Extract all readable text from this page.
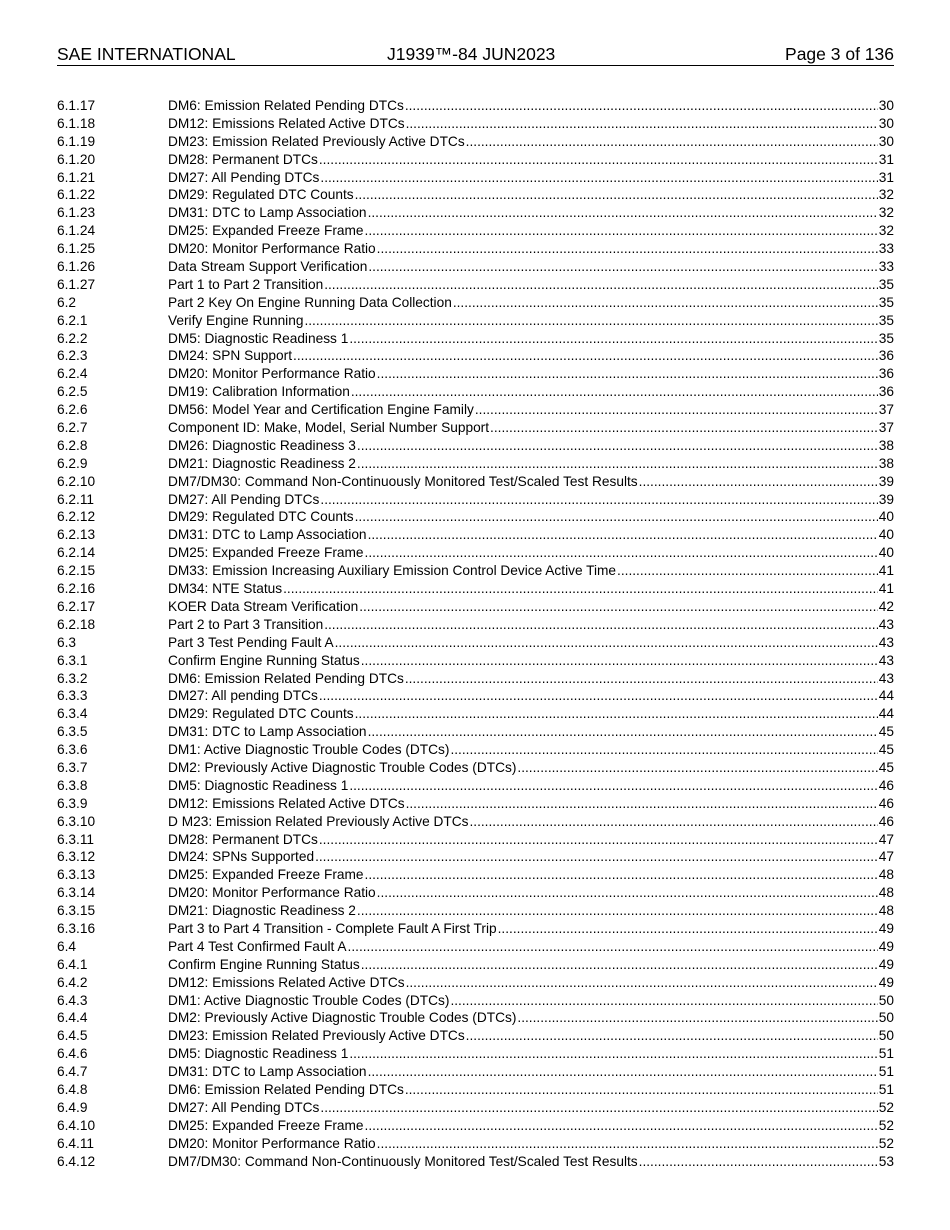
SAE INTERNATIONAL	J1939™-84 JUN2023	Page 3 of 136
6.1.17	DM6: Emission Related Pending DTCs .....	30
6.1.18	DM12: Emissions Related Active DTCs .....	30
6.1.19	DM23: Emission Related Previously Active DTCs .....	30
6.1.20	DM28: Permanent DTCs .....	31
6.1.21	DM27: All Pending DTCs .....	31
6.1.22	DM29: Regulated DTC Counts .....	32
6.1.23	DM31: DTC to Lamp Association .....	32
6.1.24	DM25: Expanded Freeze Frame .....	32
6.1.25	DM20: Monitor Performance Ratio .....	33
6.1.26	Data Stream Support Verification .....	33
6.1.27	Part 1 to Part 2 Transition .....	35
6.2	Part 2 Key On Engine Running Data Collection .....	35
6.2.1	Verify Engine Running .....	35
6.2.2	DM5: Diagnostic Readiness 1 .....	35
6.2.3	DM24: SPN Support .....	36
6.2.4	DM20: Monitor Performance Ratio .....	36
6.2.5	DM19: Calibration Information .....	36
6.2.6	DM56: Model Year and Certification Engine Family .....	37
6.2.7	Component ID: Make, Model, Serial Number Support .....	37
6.2.8	DM26: Diagnostic Readiness 3 .....	38
6.2.9	DM21: Diagnostic Readiness 2 .....	38
6.2.10	DM7/DM30: Command Non-Continuously Monitored Test/Scaled Test Results .....	39
6.2.11	DM27: All Pending DTCs .....	39
6.2.12	DM29: Regulated DTC Counts .....	40
6.2.13	DM31: DTC to Lamp Association .....	40
6.2.14	DM25: Expanded Freeze Frame .....	40
6.2.15	DM33: Emission Increasing Auxiliary Emission Control Device Active Time .....	41
6.2.16	DM34: NTE Status .....	41
6.2.17	KOER Data Stream Verification .....	42
6.2.18	Part 2 to Part 3 Transition .....	43
6.3	Part 3 Test Pending Fault A .....	43
6.3.1	Confirm Engine Running Status .....	43
6.3.2	DM6: Emission Related Pending DTCs .....	43
6.3.3	DM27: All pending DTCs .....	44
6.3.4	DM29: Regulated DTC Counts .....	44
6.3.5	DM31: DTC to Lamp Association .....	45
6.3.6	DM1: Active Diagnostic Trouble Codes (DTCs) .....	45
6.3.7	DM2: Previously Active Diagnostic Trouble Codes (DTCs) .....	45
6.3.8	DM5: Diagnostic Readiness 1 .....	46
6.3.9	DM12: Emissions Related Active DTCs .....	46
6.3.10	D M23: Emission Related Previously Active DTCs .....	46
6.3.11	DM28: Permanent DTCs .....	47
6.3.12	DM24: SPNs Supported .....	47
6.3.13	DM25: Expanded Freeze Frame .....	48
6.3.14	DM20: Monitor Performance Ratio .....	48
6.3.15	DM21: Diagnostic Readiness 2 .....	48
6.3.16	Part 3 to Part 4 Transition - Complete Fault A First Trip .....	49
6.4	Part 4 Test Confirmed Fault A .....	49
6.4.1	Confirm Engine Running Status .....	49
6.4.2	DM12: Emissions Related Active DTCs .....	49
6.4.3	DM1: Active Diagnostic Trouble Codes (DTCs) .....	50
6.4.4	DM2: Previously Active Diagnostic Trouble Codes (DTCs) .....	50
6.4.5	DM23: Emission Related Previously Active DTCs .....	50
6.4.6	DM5: Diagnostic Readiness 1 .....	51
6.4.7	DM31: DTC to Lamp Association .....	51
6.4.8	DM6: Emission Related Pending DTCs .....	51
6.4.9	DM27: All Pending DTCs .....	52
6.4.10	DM25: Expanded Freeze Frame .....	52
6.4.11	DM20: Monitor Performance Ratio .....	52
6.4.12	DM7/DM30: Command Non-Continuously Monitored Test/Scaled Test Results .....	53
